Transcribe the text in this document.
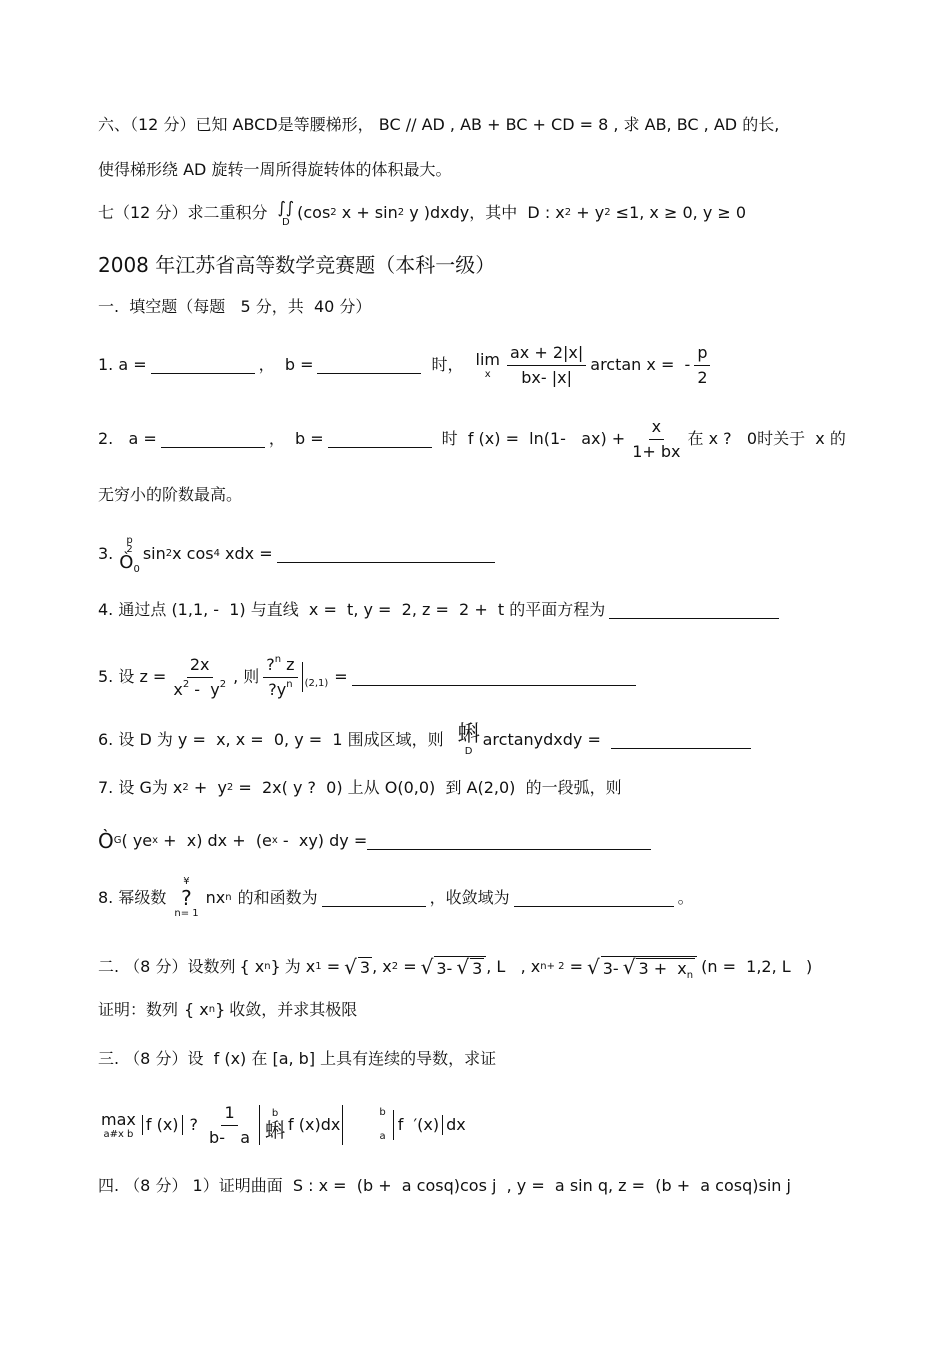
六、（12 分）已知 ABCD是等腰梯形， BC // AD , AB + BC + CD = 8 , 求 AB, BC , AD 的长,
使得梯形绕 AD 旋转一周所得旋转体的体积最大。
七（12 分）求二重积分 ∫∫
D
(cos 2 x + sin 2 y )dxdy，其中  D : x 2 + y 2 ≤1, x ≥ 0, y ≥ 0
2008 年江苏省高等数学竞赛题（本科一级）
一.  填空题（每题   5 分，共  40 分）
1. a =	，  b =	时， lim
x $\frac{ax + 2|x|}{bx- |x|}$ arctan x =  - $\frac{p}{2}$
2.   a =	，  b =	时  f (x) =  ln(1-   $ax) + \frac{x}{1+ bx}$ 在 x ?   0时关于  x 的
无穷小的阶数最高。
3.
p
2
$Ò_0$
sin 2 x cos 4 xdx =
4. 通过点 (1,1, -  1) 与直线  x =  t, y =  2, z =  2 +  t 的平面方程为
5. 设 $z = \frac{2x}{x^2 - y^2}$ , 则 $\frac{?^n z}{?y^n} (2,1)$ =
6. 设 D 为 y =  x, x =  0, y =  1 围成区域，则 蝌
D
arctanydxdy =
7. 设 G为 x 2 +  y 2 =  2x( y ?  0) 上从 O(0,0)  到 A(2,0)  的一段弧，则
Ò G ( ye x +  x) dx +  (e x -  xy) dy =
8. 幂级数
¥
?
n= 1
nx n 的和函数为	，收敛域为	。
二. （8 分）设数列 { x n } 为 x 1 = √ 3 , x 2 = √ 3- √ 3 , L   , x n+ 2 = √ 3- √ $3 + x_n$ (n =  1,2, L   )
证明：数列 { x n } 收敛，并求其极限
三. （8 分）设  f (x) 在 [a, b] 上具有连续的导数，求证
max
a#x b
f (x) ? $\frac{1}{b- a}$ b
蝌 f (x)dx
b
a
f  ′(x) dx
四. （8 分） 1）证明曲面  S : x =  (b +  a cosq)cos j  , y =  a sin q, z =  (b +  a cosq)sin j
